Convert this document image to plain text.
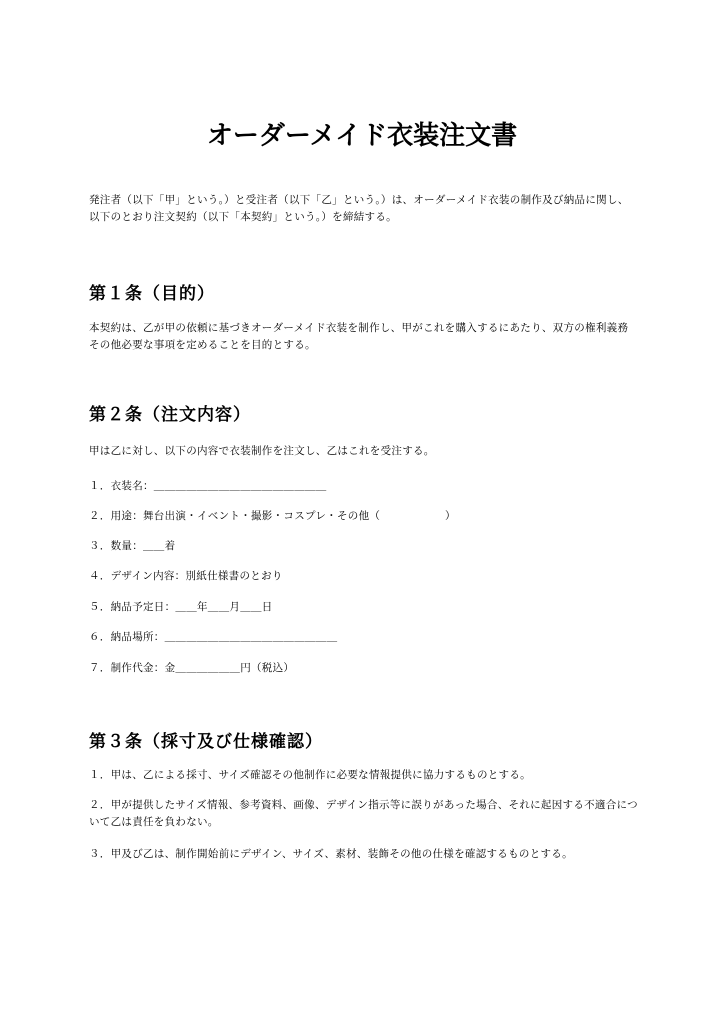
オーダーメイド衣装注文書
発注者（以下「甲」という。）と受注者（以下「乙」という。）は、オーダーメイド衣装の制作及び納品に関し、以下のとおり注文契約（以下「本契約」という。）を締結する。
第１条（目的）
本契約は、乙が甲の依頼に基づきオーダーメイド衣装を制作し、甲がこれを購入するにあたり、双方の権利義務その他必要な事項を定めることを目的とする。
第２条（注文内容）
甲は乙に対し、以下の内容で衣装制作を注文し、乙はこれを受注する。
１．衣装名：＿＿＿＿＿＿＿＿＿＿＿＿＿＿＿＿
２．用途：舞台出演・イベント・撮影・コスプレ・その他（　　　　　　）
３．数量：＿＿着
４．デザイン内容：別紙仕様書のとおり
５．納品予定日：＿＿年＿＿月＿＿日
６．納品場所：＿＿＿＿＿＿＿＿＿＿＿＿＿＿＿＿
７．制作代金：金＿＿＿＿＿＿円（税込）
第３条（採寸及び仕様確認）
１．甲は、乙による採寸、サイズ確認その他制作に必要な情報提供に協力するものとする。
２．甲が提供したサイズ情報、参考資料、画像、デザイン指示等に誤りがあった場合、それに起因する不適合について乙は責任を負わない。
３．甲及び乙は、制作開始前にデザイン、サイズ、素材、装飾その他の仕様を確認するものとする。
